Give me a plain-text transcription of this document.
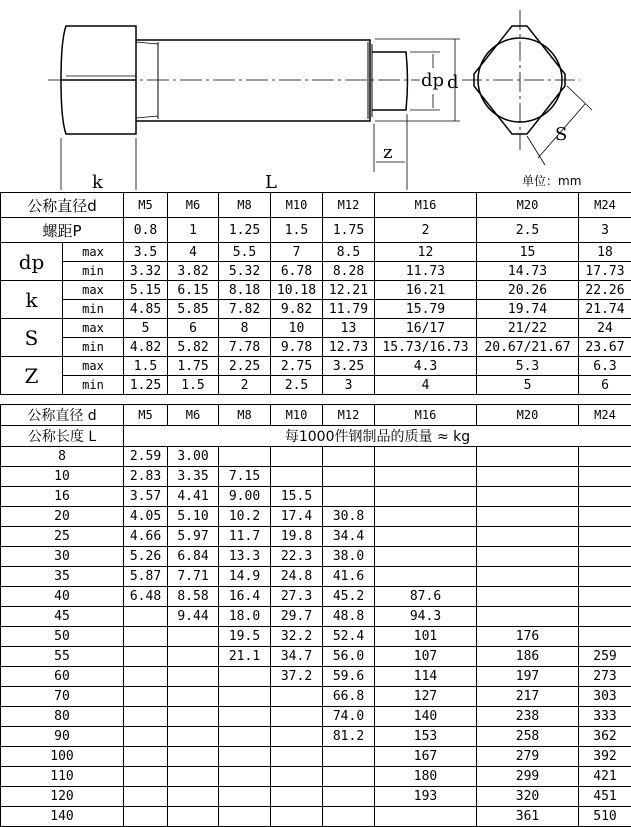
dp d
S
z
k	L	单位：mm
公称直径d		M5	M6	M8	M10	M12	M16	M20	M24
螺距P		0.8	1	1.25	1.5	1.75	2	2.5	3
dp	max	3.5	4	5.5	7	8.5	12	15	18
	min	3.32	3.82	5.32	6.78	8.28	11.73	14.73	17.73
k	max	5.15	6.15	8.18	10.18	12.21	16.21	20.26	22.26
	min	4.85	5.85	7.82	9.82	11.79	15.79	19.74	21.74
S	max	5	6	8	10	13	16/17	21/22	24
	min	4.82	5.82	7.78	9.78	12.73	15.73/16.73	20.67/21.67	23.67
Z	max	1.5	1.75	2.25	2.75	3.25	4.3	5.3	6.3
	min	1.25	1.5	2	2.5	3	4	5	6
公称直径 d	M5	M6	M8	M10	M12	M16	M20	M24
公称长度 L	每1000件钢制品的质量 ≈ kg							
8	2.59	3.00						
10	2.83	3.35	7.15					
16	3.57	4.41	9.00	15.5				
20	4.05	5.10	10.2	17.4	30.8			
25	4.66	5.97	11.7	19.8	34.4			
30	5.26	6.84	13.3	22.3	38.0			
35	5.87	7.71	14.9	24.8	41.6			
40	6.48	8.58	16.4	27.3	45.2	87.6		
45		9.44	18.0	29.7	48.8	94.3		
50			19.5	32.2	52.4	101	176	
55			21.1	34.7	56.0	107	186	259
60				37.2	59.6	114	197	273
70					66.8	127	217	303
80					74.0	140	238	333
90					81.2	153	258	362
100						167	279	392
110						180	299	421
120						193	320	451
140							361	510
